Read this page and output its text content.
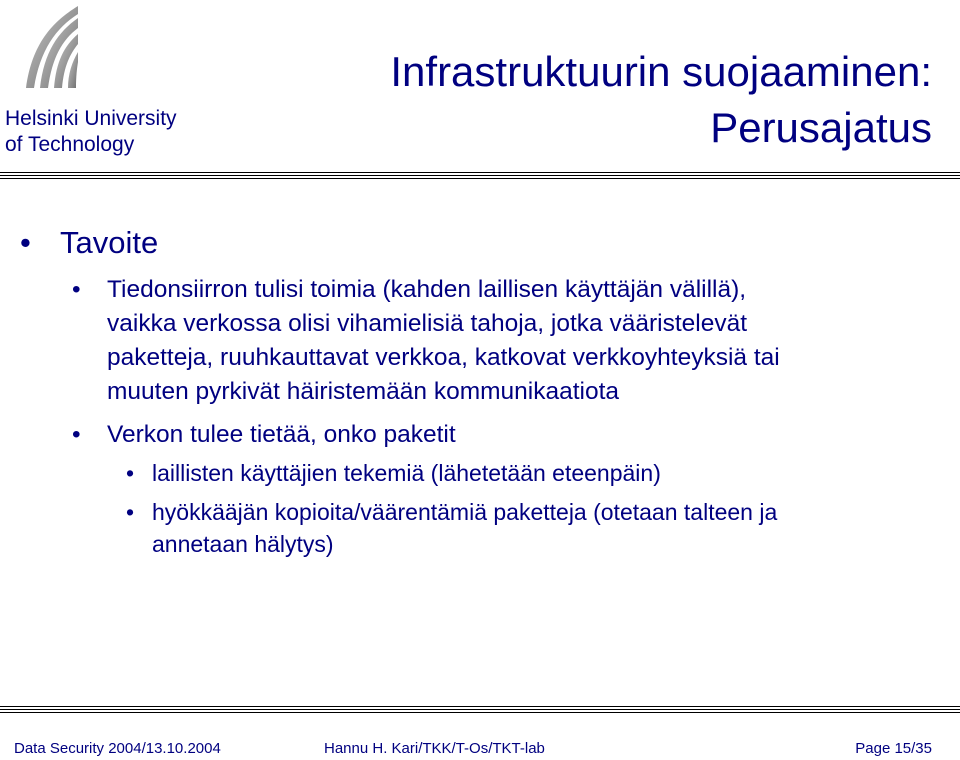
Helsinki University
of Technology
Infrastruktuurin suojaaminen:
Perusajatus
• Tavoite
• Tiedonsiirron tulisi toimia (kahden laillisen käyttäjän välillä),
vaikka verkossa olisi vihamielisiä tahoja, jotka vääristelevät
paketteja, ruuhkauttavat verkkoa, katkovat verkkoyhteyksiä tai
muuten pyrkivät häiristemään kommunikaatiota
• Verkon tulee tietää, onko paketit
• laillisten käyttäjien tekemiä (lähetetään eteenpäin)
• hyökkääjän kopioita/väärentämiä paketteja (otetaan talteen ja
annetaan hälytys)
Data Security 2004/13.10.2004	Hannu H. Kari/TKK/T-Os/TKT-lab	Page 15/35
